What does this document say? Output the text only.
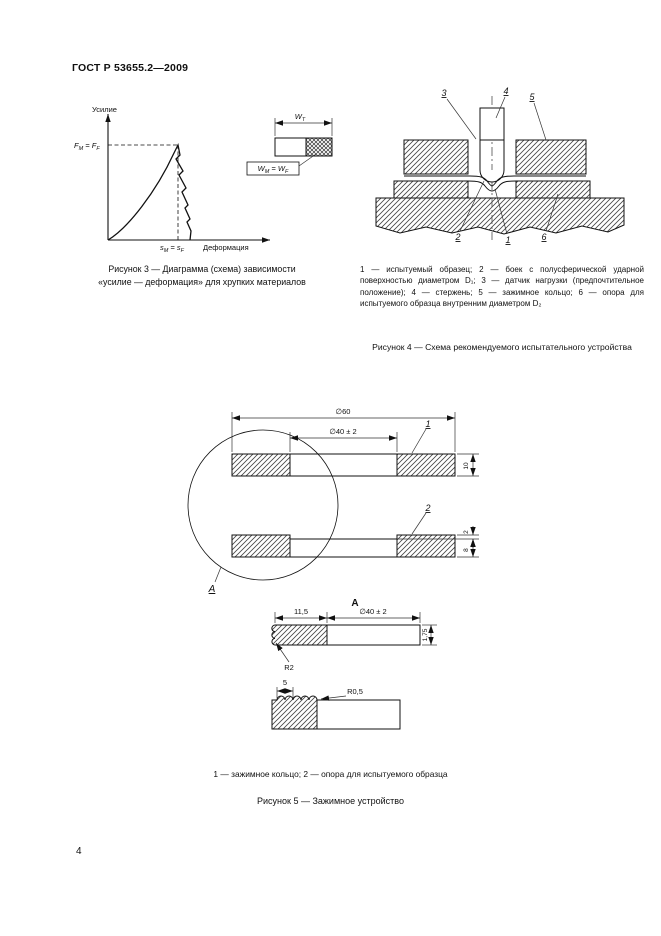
ГОСТ Р 53655.2—2009
Усилие
Деформация
$F_M = F_F$
$s_M = s_F$
$W_T$
$W_M = W_F$
Рисунок 3 — Диаграмма (схема) зависимости
«усилие — деформация» для хрупких материалов
3	4
5
2	1	6
1 — испытуемый образец; 2 — боек с полусферической ударной поверхностью диаметром D₁; 3 — датчик нагрузки (предпочтительное положение); 4 — стержень; 5 — зажимное кольцо; 6 — опора для испытуемого образца внутренним диаметром D₂
Рисунок 4 — Схема рекомендуемого испытательного устройства
∅60
∅40 ± 2
1
10
2
2
8
А
А
11,5	∅40 ± 2
1,75
R2
5
R0,5
1 — зажимное кольцо; 2 — опора для испытуемого образца
Рисунок 5 — Зажимное устройство
4
